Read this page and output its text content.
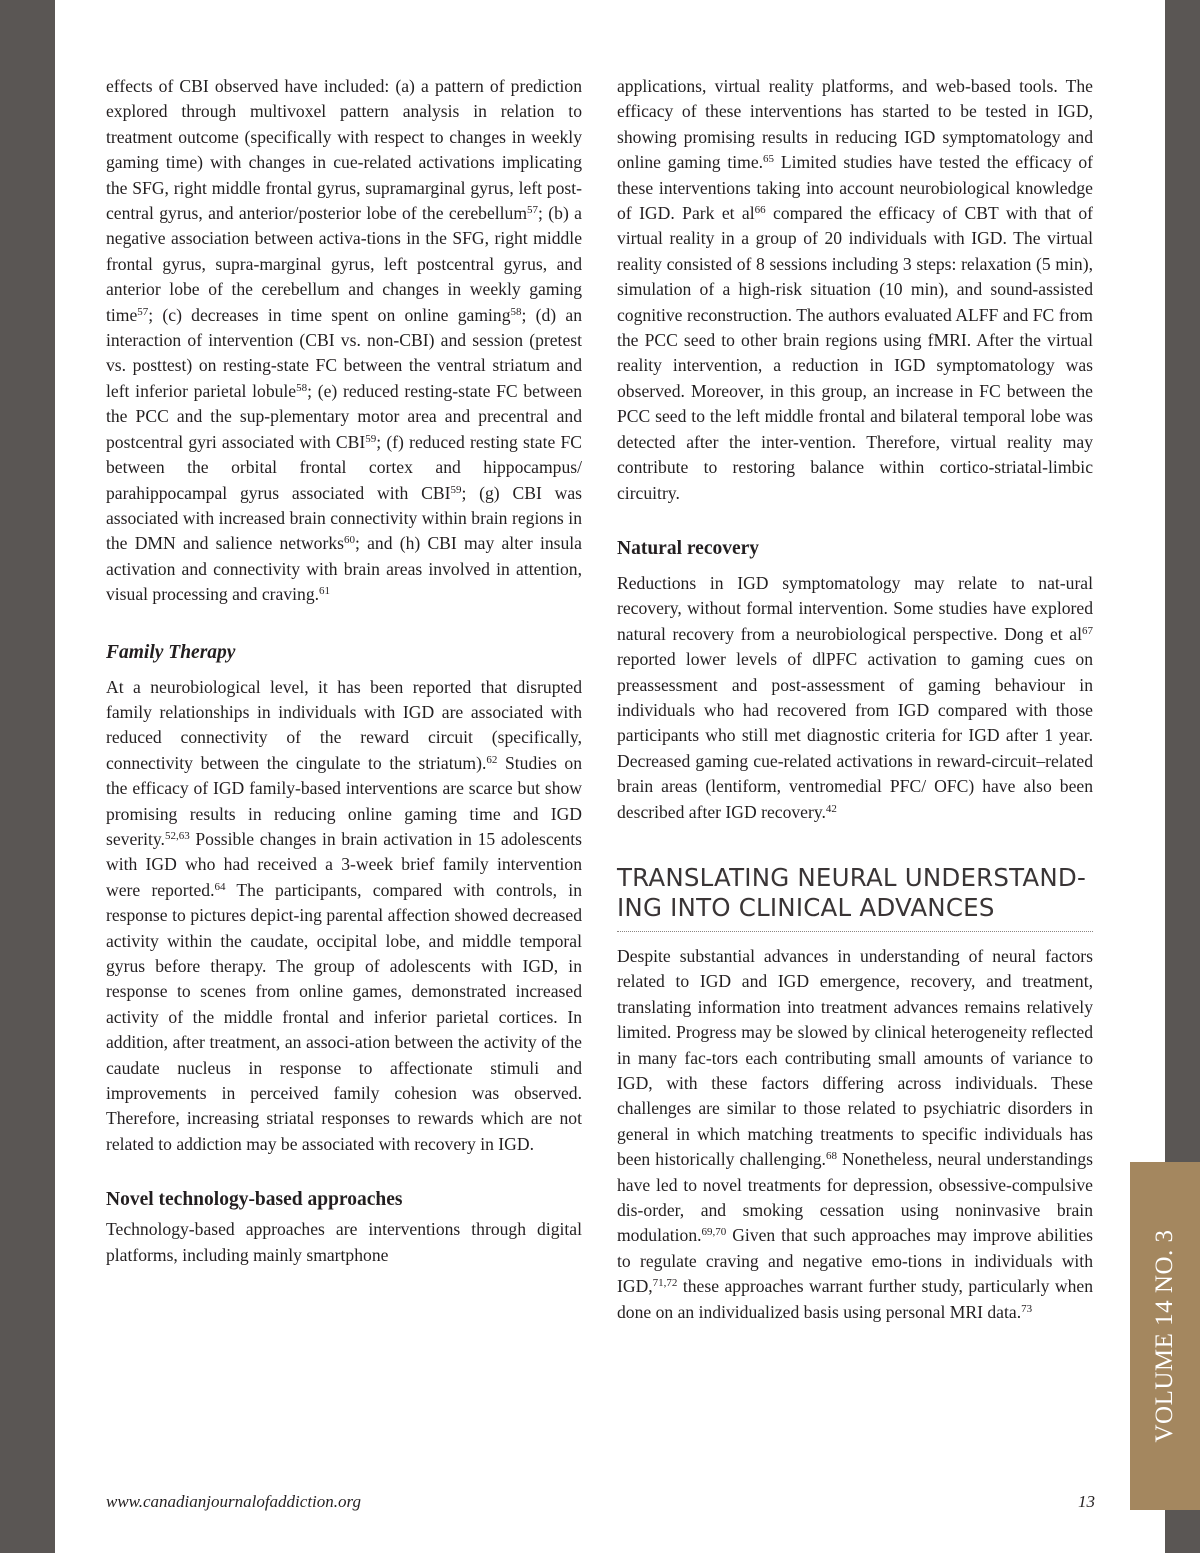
effects of CBI observed have included: (a) a pattern of prediction explored through multivoxel pattern analysis in relation to treatment outcome (specifically with respect to changes in weekly gaming time) with changes in cue-related activations implicating the SFG, right middle frontal gyrus, supramarginal gyrus, left post-central gyrus, and anterior/posterior lobe of the cerebellum$^{57}$; (b) a negative association between activa-tions in the SFG, right middle frontal gyrus, supra-marginal gyrus, left postcentral gyrus, and anterior lobe of the cerebellum and changes in weekly gaming time$^{57}$; (c) decreases in time spent on online gaming$^{58}$; (d) an interaction of intervention (CBI vs. non-CBI) and session (pretest vs. posttest) on resting-state FC between the ventral striatum and left inferior parietal lobule$^{58}$; (e) reduced resting-state FC between the PCC and the sup-plementary motor area and precentral and postcentral gyri associated with CBI$^{59}$; (f) reduced resting state FC between the orbital frontal cortex and hippocampus/ parahippocampal gyrus associated with CBI$^{59}$; (g) CBI was associated with increased brain connectivity within brain regions in the DMN and salience networks$^{60}$; and (h) CBI may alter insula activation and connectivity with brain areas involved in attention, visual processing and craving.$^{61}$

Family Therapy

At a neurobiological level, it has been reported that disrupted family relationships in individuals with IGD are associated with reduced connectivity of the reward circuit (specifically, connectivity between the cingulate to the striatum).$^{62}$ Studies on the efficacy of IGD family-based interventions are scarce but show promising results in reducing online gaming time and IGD severity.$^{52,63}$ Possible changes in brain activation in 15 adolescents with IGD who had received a 3-week brief family intervention were reported.$^{64}$ The participants, compared with controls, in response to pictures depict-ing parental affection showed decreased activity within the caudate, occipital lobe, and middle temporal gyrus before therapy. The group of adolescents with IGD, in response to scenes from online games, demonstrated increased activity of the middle frontal and inferior parietal cortices. In addition, after treatment, an associ-ation between the activity of the caudate nucleus in response to affectionate stimuli and improvements in perceived family cohesion was observed. Therefore, increasing striatal responses to rewards which are not related to addiction may be associated with recovery in IGD.

Novel technology-based approaches

Technology-based approaches are interventions through digital platforms, including mainly smartphone

applications, virtual reality platforms, and web-based tools. The efficacy of these interventions has started to be tested in IGD, showing promising results in reducing IGD symptomatology and online gaming time.$^{65}$ Limited studies have tested the efficacy of these interventions taking into account neurobiological knowledge of IGD. Park et $al^{66}$ compared the efficacy of CBT with that of virtual reality in a group of 20 individuals with IGD. The virtual reality consisted of 8 sessions including 3 steps: relaxation (5 min), simulation of a high-risk situation (10 min), and sound-assisted cognitive reconstruction. The authors evaluated ALFF and FC from the PCC seed to other brain regions using fMRI. After the virtual reality intervention, a reduction in IGD symptomatology was observed. Moreover, in this group, an increase in FC between the PCC seed to the left middle frontal and bilateral temporal lobe was detected after the inter-vention. Therefore, virtual reality may contribute to restoring balance within cortico-striatal-limbic circuitry.

Natural recovery

Reductions in IGD symptomatology may relate to nat-ural recovery, without formal intervention. Some studies have explored natural recovery from a neurobiological perspective. Dong et $al^{67}$ reported lower levels of dlPFC activation to gaming cues on preassessment and post-assessment of gaming behaviour in individuals who had recovered from IGD compared with those participants who still met diagnostic criteria for IGD after 1 year. Decreased gaming cue-related activations in reward-circuit–related brain areas (lentiform, ventromedial PFC/ OFC) have also been described after IGD recovery.$^{42}$

TRANSLATING NEURAL UNDERSTAND-
ING INTO CLINICAL ADVANCES

Despite substantial advances in understanding of neural factors related to IGD and IGD emergence, recovery, and treatment, translating information into treatment advances remains relatively limited. Progress may be slowed by clinical heterogeneity reflected in many fac-tors each contributing small amounts of variance to IGD, with these factors differing across individuals. These challenges are similar to those related to psychiatric disorders in general in which matching treatments to specific individuals has been historically challenging.$^{68}$ Nonetheless, neural understandings have led to novel treatments for depression, obsessive-compulsive dis-order, and smoking cessation using noninvasive brain modulation.$^{69,70}$ Given that such approaches may improve abilities to regulate craving and negative emo-tions in individuals with IGD,$^{71,72}$ these approaches warrant further study, particularly when done on an individualized basis using personal MRI data.$^{73}$

www.canadianjournalofaddiction.org	13
VOLUME 14 NO. 3
